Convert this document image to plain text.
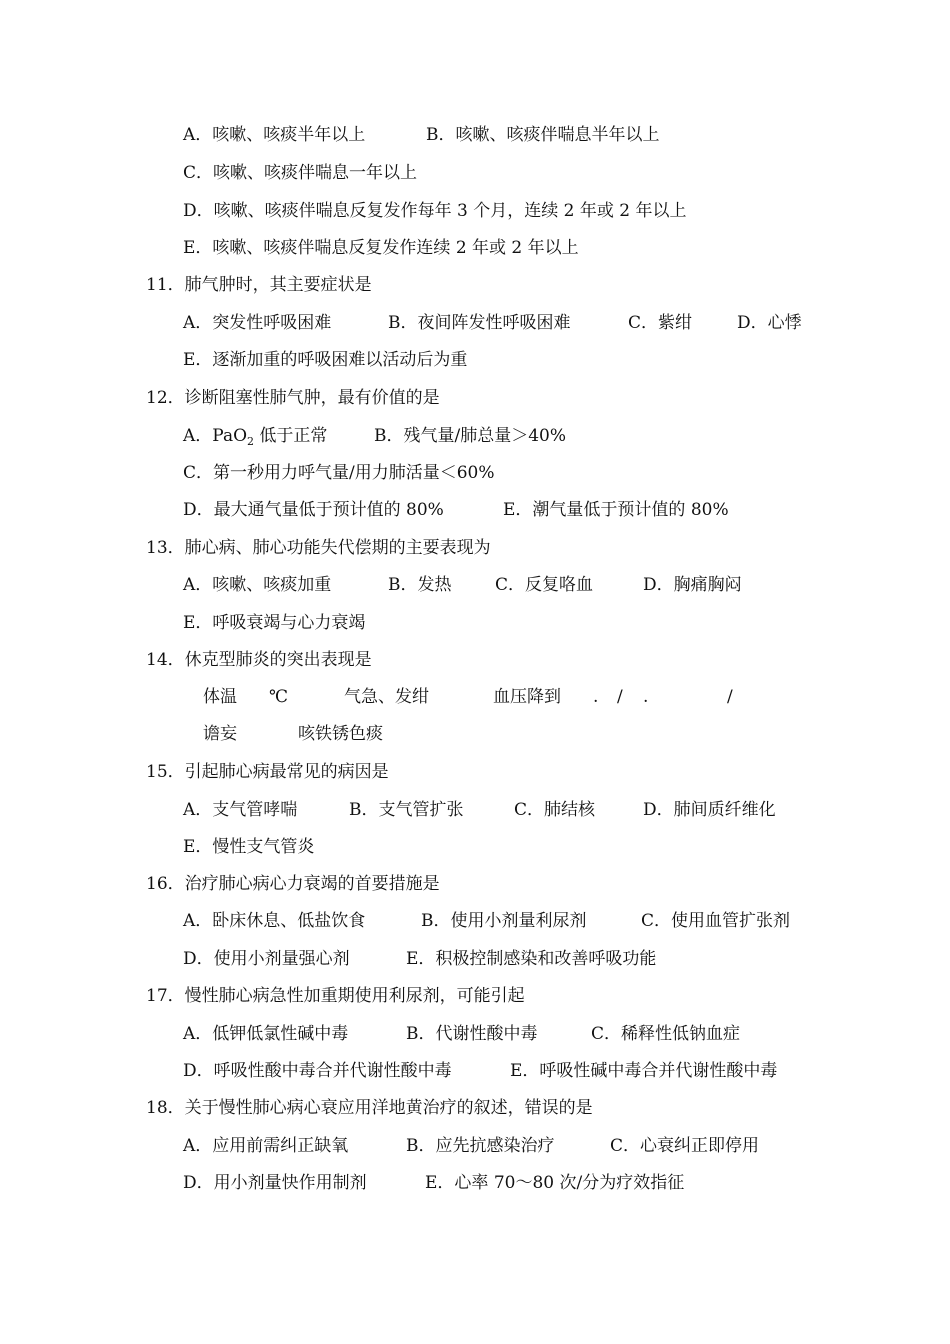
A．咳嗽、咳痰半年以上	B．咳嗽、咳痰伴喘息半年以上
C．咳嗽、咳痰伴喘息一年以上
D．咳嗽、咳痰伴喘息反复发作每年 3 个月，连续 2 年或 2 年以上
E．咳嗽、咳痰伴喘息反复发作连续 2 年或 2 年以上
11．肺气肿时，其主要症状是
A．突发性呼吸困难	B．夜间阵发性呼吸困难	C．紫绀	D．心悸
E．逐渐加重的呼吸困难以活动后为重
12．诊断阻塞性肺气肿，最有价值的是
A．PaO$_2$ 低于正常	B．残气量/肺总量＞40%
C．第一秒用力呼气量/用力肺活量＜60%
D．最大通气量低于预计值的 80%	E．潮气量低于预计值的 80%
13．肺心病、肺心功能失代偿期的主要表现为
A．咳嗽、咳痰加重	B．发热	C．反复咯血	D．胸痛胸闷
E．呼吸衰竭与心力衰竭
14．休克型肺炎的突出表现是
体温 ℃	气急、发绀	血压降到 . / .	/
谵妄	咳铁锈色痰
15．引起肺心病最常见的病因是
A．支气管哮喘	B．支气管扩张	C．肺结核	D．肺间质纤维化
E．慢性支气管炎
16．治疗肺心病心力衰竭的首要措施是
A．卧床休息、低盐饮食	B．使用小剂量利尿剂	C．使用血管扩张剂
D．使用小剂量强心剂	E．积极控制感染和改善呼吸功能
17．慢性肺心病急性加重期使用利尿剂，可能引起
A．低钾低氯性碱中毒	B．代谢性酸中毒	C．稀释性低钠血症
D．呼吸性酸中毒合并代谢性酸中毒	E．呼吸性碱中毒合并代谢性酸中毒
18．关于慢性肺心病心衰应用洋地黄治疗的叙述，错误的是
A．应用前需纠正缺氧	B．应先抗感染治疗	C．心衰纠正即停用
D．用小剂量快作用制剂	E．心率 70～80 次/分为疗效指征
